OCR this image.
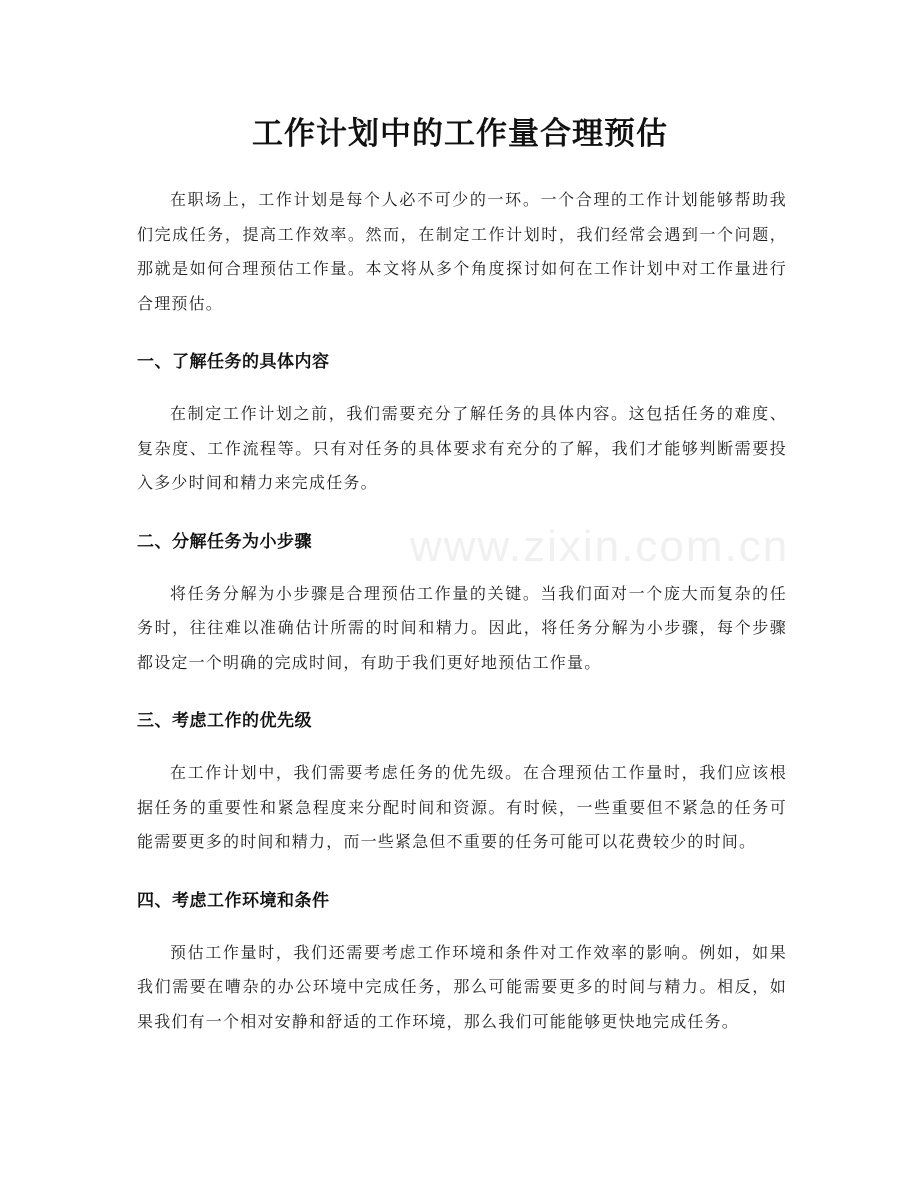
工作计划中的工作量合理预估
www.zixin.com.cn

在职场上，工作计划是每个人必不可少的一环。一个合理的工作计划能够帮助我们完成任务，提高工作效率。然而，在制定工作计划时，我们经常会遇到一个问题，那就是如何合理预估工作量。本文将从多个角度探讨如何在工作计划中对工作量进行合理预估。

一、了解任务的具体内容

在制定工作计划之前，我们需要充分了解任务的具体内容。这包括任务的难度、复杂度、工作流程等。只有对任务的具体要求有充分的了解，我们才能够判断需要投入多少时间和精力来完成任务。

二、分解任务为小步骤

将任务分解为小步骤是合理预估工作量的关键。当我们面对一个庞大而复杂的任务时，往往难以准确估计所需的时间和精力。因此，将任务分解为小步骤，每个步骤都设定一个明确的完成时间，有助于我们更好地预估工作量。

三、考虑工作的优先级

在工作计划中，我们需要考虑任务的优先级。在合理预估工作量时，我们应该根据任务的重要性和紧急程度来分配时间和资源。有时候，一些重要但不紧急的任务可能需要更多的时间和精力，而一些紧急但不重要的任务可能可以花费较少的时间。

四、考虑工作环境和条件

预估工作量时，我们还需要考虑工作环境和条件对工作效率的影响。例如，如果我们需要在嘈杂的办公环境中完成任务，那么可能需要更多的时间与精力。相反，如果我们有一个相对安静和舒适的工作环境，那么我们可能能够更快地完成任务。
